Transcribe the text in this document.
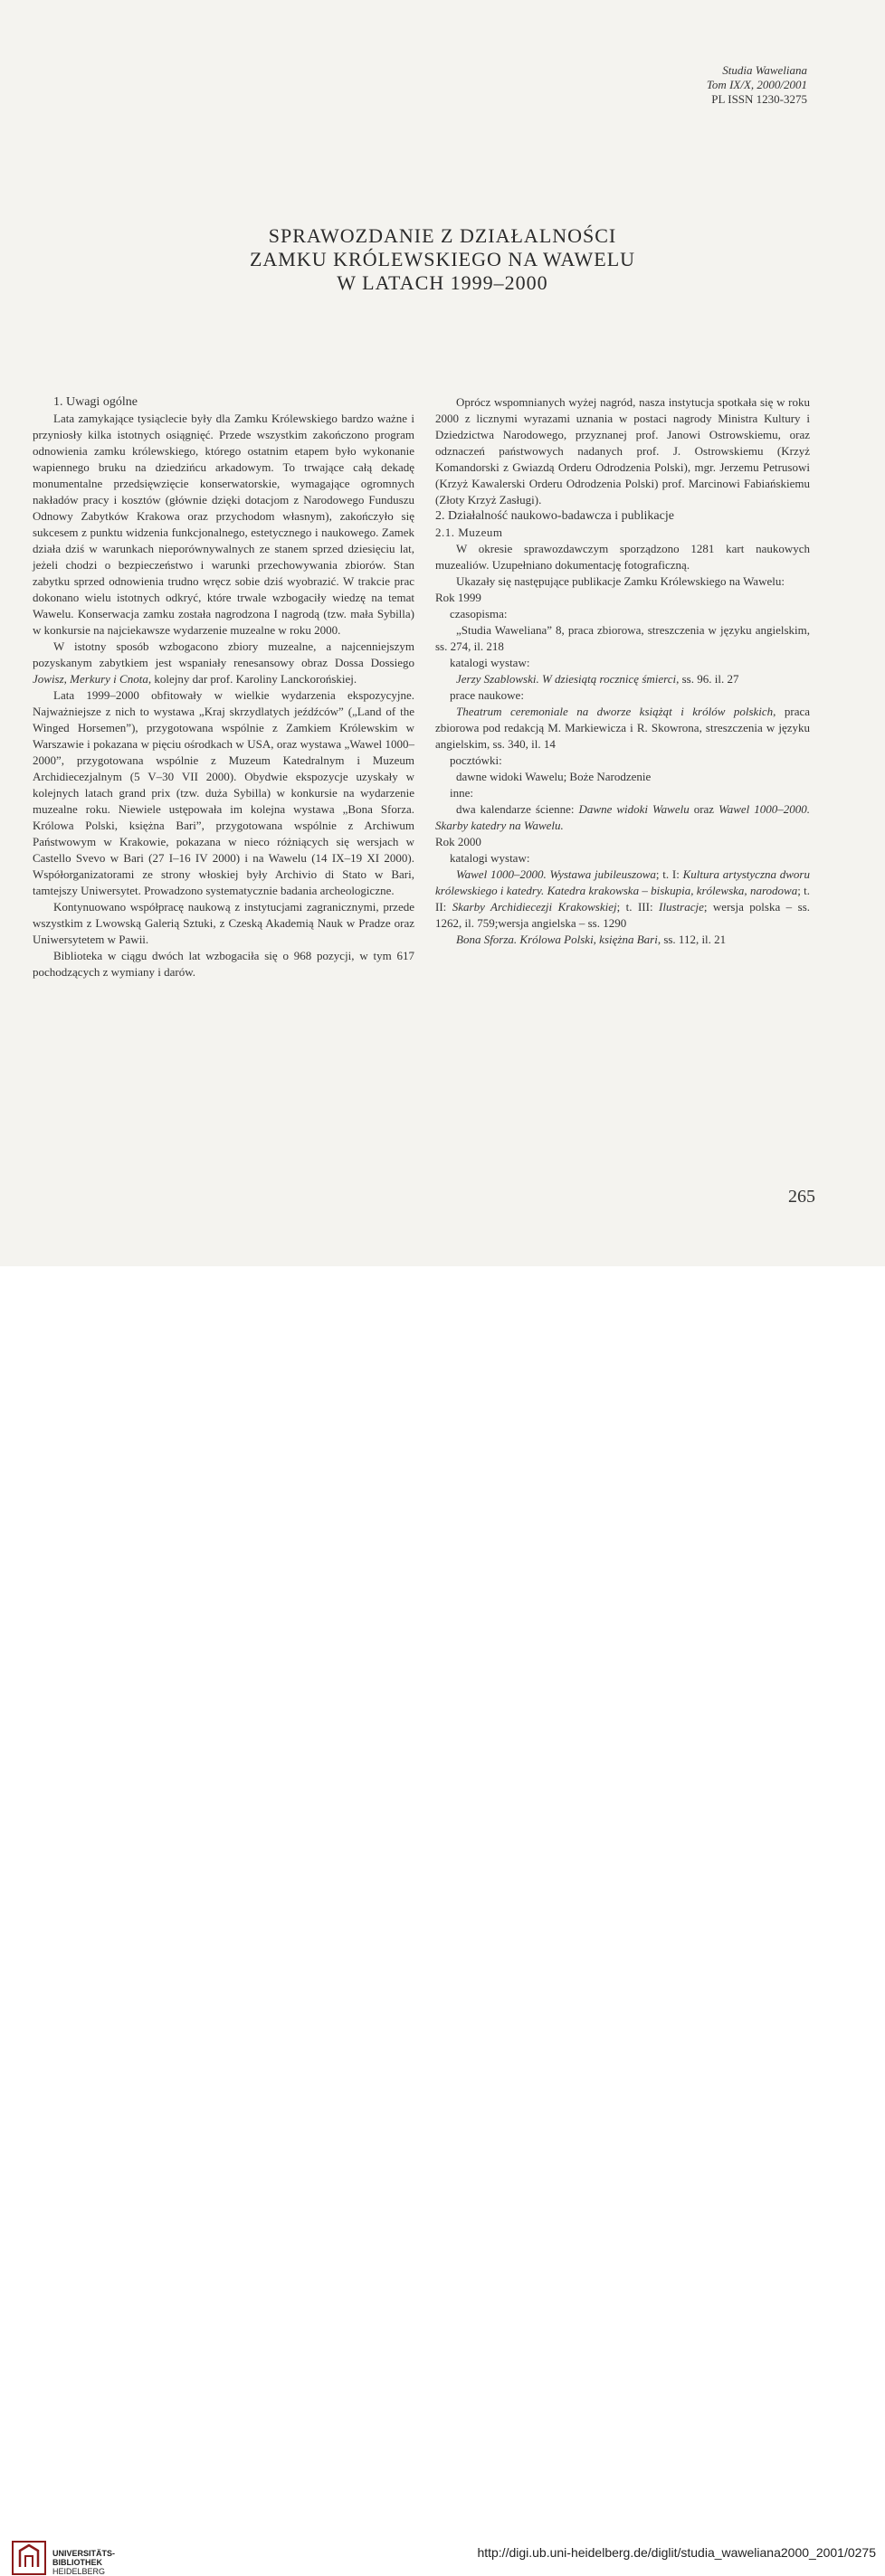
Studia Waweliana
Tom IX/X, 2000/2001
PL ISSN 1230-3275
SPRAWOZDANIE Z DZIAŁALNOŚCI
ZAMKU KRÓLEWSKIEGO NA WAWELU
W LATACH 1999–2000

1. Uwagi ogólne

Lata zamykające tysiąclecie były dla Zamku Królewskiego bardzo ważne i przyniosły kilka istotnych osiągnięć. Przede wszystkim zakończono program odnowienia zamku królewskiego, którego ostatnim etapem było wykonanie wapiennego bruku na dziedzińcu arkadowym. To trwające całą dekadę monumentalne przedsięwzięcie konserwatorskie, wymagające ogromnych nakładów pracy i kosztów (głównie dzięki dotacjom z Narodowego Funduszu Odnowy Zabytków Krakowa oraz przychodom własnym), zakończyło się sukcesem z punktu widzenia funkcjonalnego, estetycznego i naukowego. Zamek działa dziś w warunkach nieporównywalnych ze stanem sprzed dziesięciu lat, jeżeli chodzi o bezpieczeństwo i warunki przechowywania zbiorów. Stan zabytku sprzed odnowienia trudno wręcz sobie dziś wyobrazić. W trakcie prac dokonano wielu istotnych odkryć, które trwale wzbogaciły wiedzę na temat Wawelu. Konserwacja zamku została nagrodzona I nagrodą (tzw. mała Sybilla) w konkursie na najciekawsze wydarzenie muzealne w roku 2000.

W istotny sposób wzbogacono zbiory muzealne, a najcenniejszym pozyskanym zabytkiem jest wspaniały renesansowy obraz Dossa Dossiego Jowisz, Merkury i Cnota, kolejny dar prof. Karoliny Lanckorońskiej.

Lata 1999–2000 obfitowały w wielkie wydarzenia ekspozycyjne. Najważniejsze z nich to wystawa „Kraj skrzydlatych jeźdźców” („Land of the Winged Horsemen”), przygotowana wspólnie z Zamkiem Królewskim w Warszawie i pokazana w pięciu ośrodkach w USA, oraz wystawa „Wawel 1000–2000”, przygotowana wspólnie z Muzeum Katedralnym i Muzeum Archidiecezjalnym (5 V–30 VII 2000). Obydwie ekspozycje uzyskały w kolejnych latach grand prix (tzw. duża Sybilla) w konkursie na wydarzenie muzealne roku. Niewiele ustępowała im kolejna wystawa „Bona Sforza. Królowa Polski, księżna Bari”, przygotowana wspólnie z Archiwum Państwowym w Krakowie, pokazana w nieco różniących się wersjach w Castello Svevo w Bari (27 I–16 IV 2000) i na Wawelu (14 IX–19 XI 2000). Współorganizatorami ze strony włoskiej były Archivio di Stato w Bari, tamtejszy Uniwersytet. Prowadzono systematycznie badania archeologiczne.

Kontynuowano współpracę naukową z instytucjami zagranicznymi, przede wszystkim z Lwowską Galerią Sztuki, z Czeską Akademią Nauk w Pradze oraz Uniwersytetem w Pawii.

Biblioteka w ciągu dwóch lat wzbogaciła się o 968 pozycji, w tym 617 pochodzących z wymiany i darów.

Oprócz wspomnianych wyżej nagród, nasza instytucja spotkała się w roku 2000 z licznymi wyrazami uznania w postaci nagrody Ministra Kultury i Dziedzictwa Narodowego, przyznanej prof. Janowi Ostrowskiemu, oraz odznaczeń państwowych nadanych prof. J. Ostrowskiemu (Krzyż Komandorski z Gwiazdą Orderu Odrodzenia Polski), mgr. Jerzemu Petrusowi (Krzyż Kawalerski Orderu Odrodzenia Polski) prof. Marcinowi Fabiańskiemu (Złoty Krzyż Zasługi).

2. Działalność naukowo-badawcza i publikacje

2.1. Muzeum

W okresie sprawozdawczym sporządzono 1281 kart naukowych muzealiów. Uzupełniano dokumentację fotograficzną.

Ukazały się następujące publikacje Zamku Królewskiego na Wawelu:

Rok 1999

czasopisma:

„Studia Waweliana” 8, praca zbiorowa, streszczenia w języku angielskim, ss. 274, il. 218

katalogi wystaw:

Jerzy Szablowski. W dziesiątą rocznicę śmierci, ss. 96. il. 27

prace naukowe:

Theatrum ceremoniale na dworze książąt i królów polskich, praca zbiorowa pod redakcją M. Markiewicza i R. Skowrona, streszczenia w języku angielskim, ss. 340, il. 14

pocztówki:

dawne widoki Wawelu; Boże Narodzenie

inne:

dwa kalendarze ścienne: Dawne widoki Wawelu oraz Wawel 1000–2000. Skarby katedry na Wawelu.

Rok 2000

katalogi wystaw:

Wawel 1000–2000. Wystawa jubileuszowa; t. I: Kultura artystyczna dworu królewskiego i katedry. Katedra krakowska – biskupia, królewska, narodowa; t. II: Skarby Archidiecezji Krakowskiej; t. III: Ilustracje; wersja polska – ss. 1262, il. 759;wersja angielska – ss. 1290

Bona Sforza. Królowa Polski, księżna Bari, ss. 112, il. 21

265
UNIVERSITÄTS-
BIBLIOTHEK
HEIDELBERG
http://digi.ub.uni-heidelberg.de/diglit/studia_waweliana2000_2001/0275
